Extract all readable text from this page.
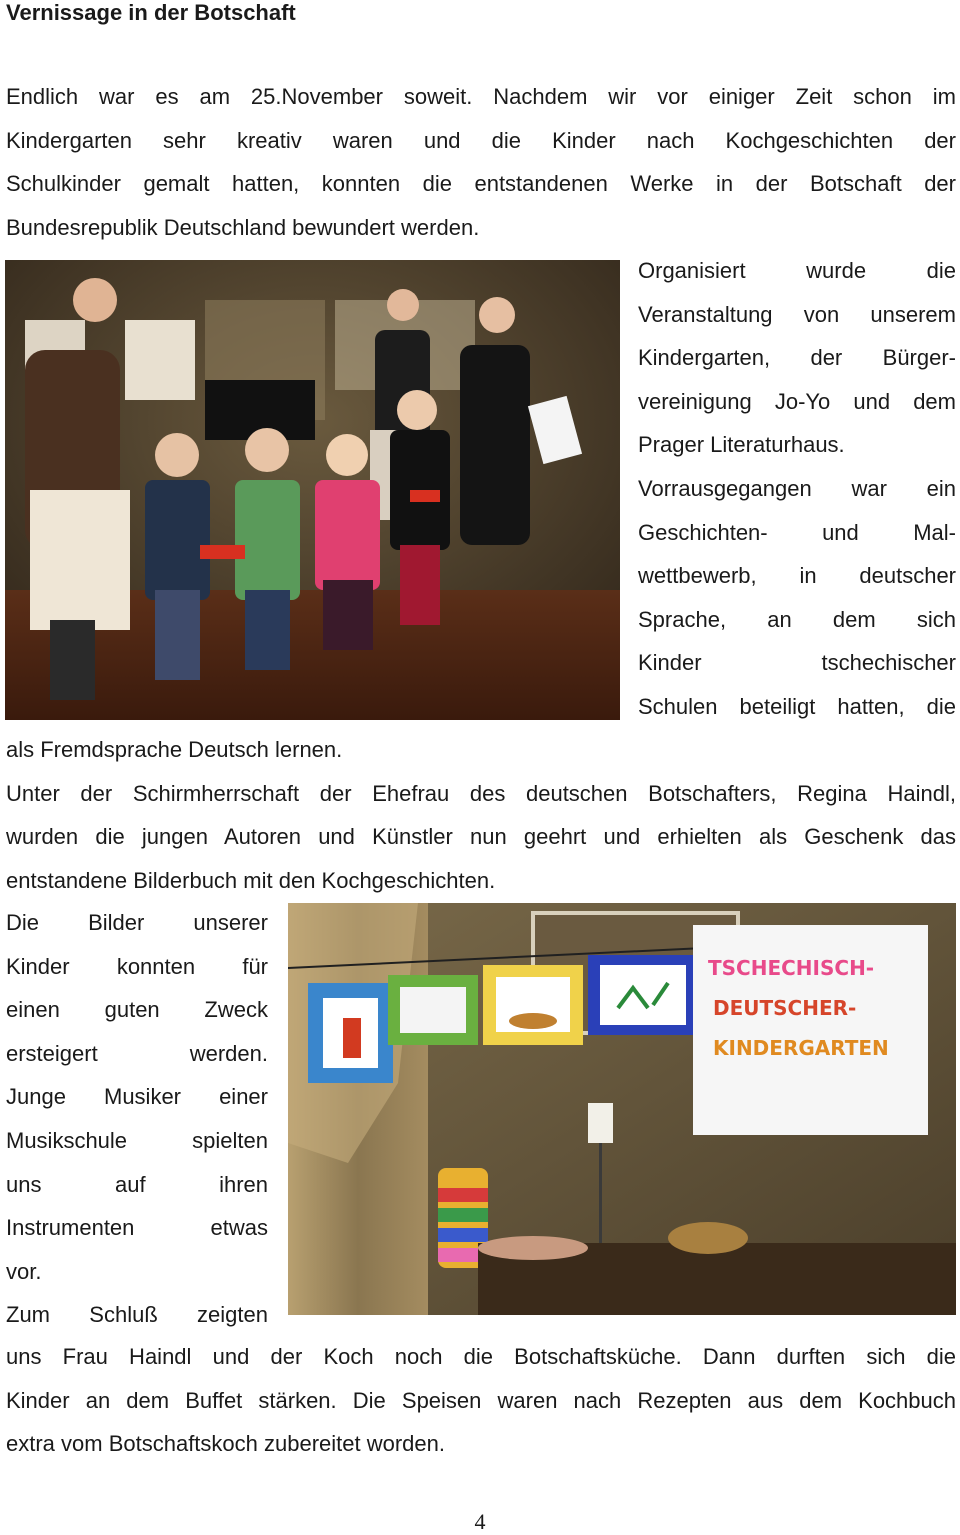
Vernissage in der Botschaft
Endlich war es am 25.November soweit. Nachdem wir vor einiger Zeit schon im
Kindergarten sehr kreativ waren und die Kinder nach Kochgeschichten der
Schulkinder gemalt hatten, konnten die entstandenen Werke in der Botschaft der
Bundesrepublik Deutschland bewundert werden.
Organisiert wurde die
Veranstaltung von unserem
Kindergarten, der Bürger-
vereinigung Jo-Yo und dem
Prager Literaturhaus.
Vorrausgegangen war ein
Geschichten- und Mal-
wettbewerb, in deutscher
Sprache, an dem sich
Kinder tschechischer
Schulen beteiligt hatten, die
als Fremdsprache Deutsch lernen.
Unter der Schirmherrschaft der Ehefrau des deutschen Botschafters, Regina Haindl,
wurden die jungen Autoren und Künstler nun geehrt und erhielten als Geschenk das
entstandene Bilderbuch mit den Kochgeschichten.
TSCHECHISCH-
DEUTSCHER-
KINDERGARTEN
Die Bilder unserer
Kinder konnten für
einen guten Zweck
ersteigert werden.
Junge Musiker einer
Musikschule spielten
uns auf ihren
Instrumenten etwas
vor.
Zum Schluß zeigten
uns Frau Haindl und der Koch noch die Botschaftsküche. Dann durften sich die
Kinder an dem Buffet stärken. Die Speisen waren nach Rezepten aus dem Kochbuch
extra vom Botschaftskoch zubereitet worden.
4
